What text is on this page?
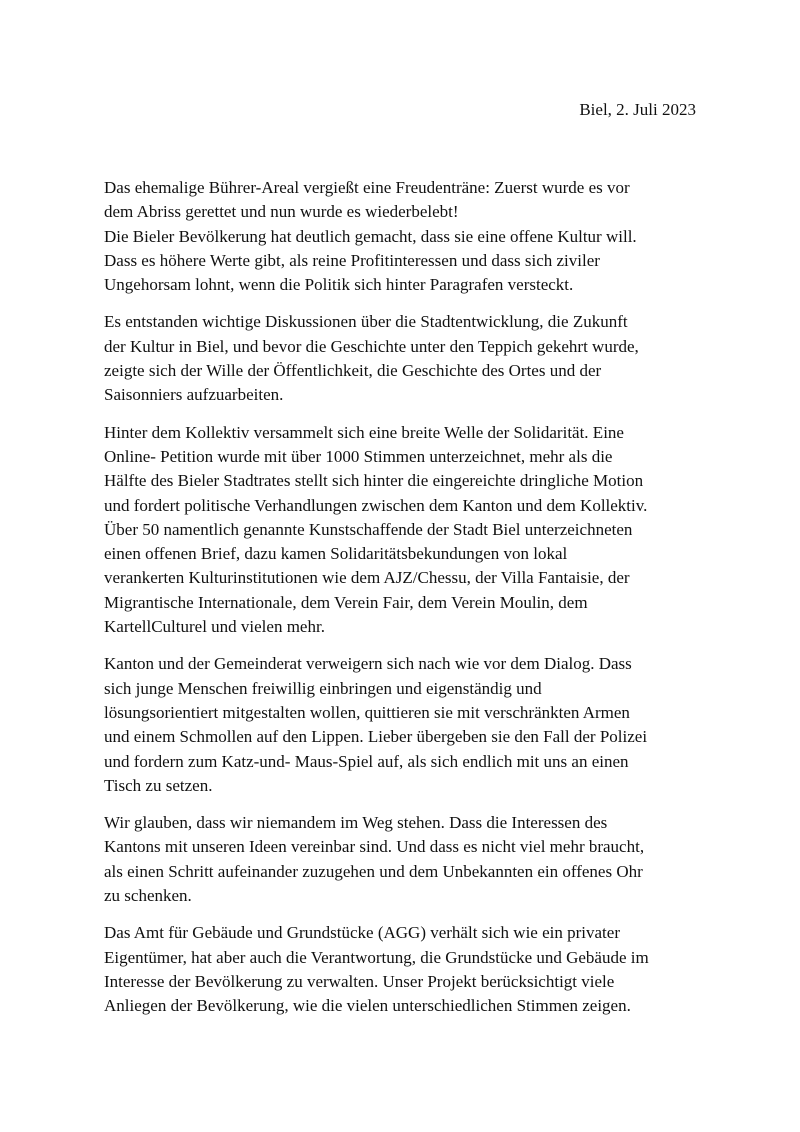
Biel, 2. Juli 2023

Das ehemalige Bührer-Areal vergießt eine Freudenträne: Zuerst wurde es vor
dem Abriss gerettet und nun wurde es wiederbelebt!
Die Bieler Bevölkerung hat deutlich gemacht, dass sie eine offene Kultur will.
Dass es höhere Werte gibt, als reine Profitinteressen und dass sich ziviler
Ungehorsam lohnt, wenn die Politik sich hinter Paragrafen versteckt.

Es entstanden wichtige Diskussionen über die Stadtentwicklung, die Zukunft
der Kultur in Biel, und bevor die Geschichte unter den Teppich gekehrt wurde,
zeigte sich der Wille der Öffentlichkeit, die Geschichte des Ortes und der
Saisonniers aufzuarbeiten.

Hinter dem Kollektiv versammelt sich eine breite Welle der Solidarität. Eine
Online- Petition wurde mit über 1000 Stimmen unterzeichnet, mehr als die
Hälfte des Bieler Stadtrates stellt sich hinter die eingereichte dringliche Motion
und fordert politische Verhandlungen zwischen dem Kanton und dem Kollektiv.
Über 50 namentlich genannte Kunstschaffende der Stadt Biel unterzeichneten
einen offenen Brief, dazu kamen Solidaritätsbekundungen von lokal
verankerten Kulturinstitutionen wie dem AJZ/Chessu, der Villa Fantaisie, der
Migrantische Internationale, dem Verein Fair, dem Verein Moulin, dem
KartellCulturel und vielen mehr.

Kanton und der Gemeinderat verweigern sich nach wie vor dem Dialog. Dass
sich junge Menschen freiwillig einbringen und eigenständig und
lösungsorientiert mitgestalten wollen, quittieren sie mit verschränkten Armen
und einem Schmollen auf den Lippen. Lieber übergeben sie den Fall der Polizei
und fordern zum Katz-und- Maus-Spiel auf, als sich endlich mit uns an einen
Tisch zu setzen.

Wir glauben, dass wir niemandem im Weg stehen. Dass die Interessen des
Kantons mit unseren Ideen vereinbar sind. Und dass es nicht viel mehr braucht,
als einen Schritt aufeinander zuzugehen und dem Unbekannten ein offenes Ohr
zu schenken.

Das Amt für Gebäude und Grundstücke (AGG) verhält sich wie ein privater
Eigentümer, hat aber auch die Verantwortung, die Grundstücke und Gebäude im
Interesse der Bevölkerung zu verwalten. Unser Projekt berücksichtigt viele
Anliegen der Bevölkerung, wie die vielen unterschiedlichen Stimmen zeigen.
